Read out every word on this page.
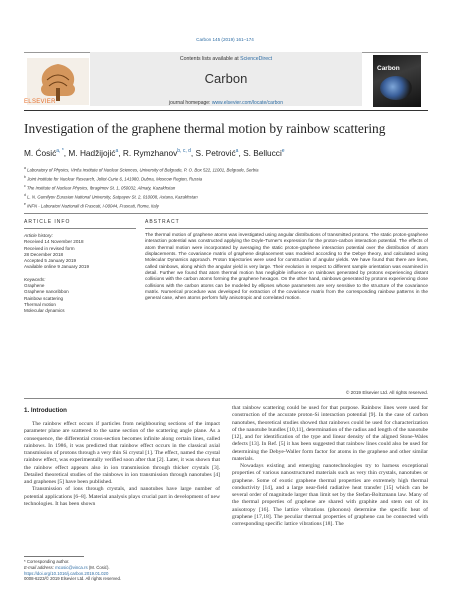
Carbon 145 (2019) 161–174
ELSEVIER
Contents lists available at ScienceDirect
Carbon
journal homepage: www.elsevier.com/locate/carbon
Carbon
Investigation of the graphene thermal motion by rainbow scattering
M. Ćosić$^{a, *}$, M. Hadžijojić$^a$, R. Rymzhanov$^{b, c, d}$, S. Petrović$^a$, S. Bellucci$^e$
$^a$ Laboratory of Physics, Vinča Institute of Nuclear Sciences, University of Belgrade, P. O. Box 522, 11001, Belgrade, Serbia
$^b$ Joint Institute for Nuclear Research, Joliot-Curie 6, 141980, Dubna, Moscow Region, Russia
$^c$ The Institute of Nuclear Physics, Ibragimov St. 1, 050032, Almaty, Kazakhstan
$^d$ L. N. Gumilyov Eurasian National University, Satpayev St. 2, 010008, Astana, Kazakhstan
$^e$ INFN - Laboratori Nazionali di Frascati, I-00044, Frascati, Rome, Italy
ARTICLE INFO	ABSTRACT
Article history:
Received 14 November 2018
Received in revised form
28 December 2018
Accepted 5 January 2019
Available online 9 January 2019
Keywords:
Graphene
Graphene nanoribbon
Rainbow scattering
Thermal motion
Molecular dynamics
The thermal motion of graphene atoms was investigated using angular distributions of transmitted protons. The static proton-graphene interaction potential was constructed applying the Doyle-Turner's expression for the proton-carbon interaction potential. The effects of atom thermal motion were incorporated by averaging the static proton-graphene interaction potential over the distribution of atom displacements. The covariance matrix of graphene displacement was modeled according to the Debye theory, and calculated using Molecular Dynamics approach. Proton trajectories were used for construction of angular yields. We have found that there are lines, called rainbows, along which the angular yield is very large. Their evolution in respect to different sample orientation was examined in detail. Further we found that atom thermal motion has negligible influence on rainbows generated by protons experiencing distant collisions with the carbon atoms forming the graphene hexagon. On the other hand, rainbows generated by protons experiencing close collisions with the carbon atoms can be modeled by ellipses whose parameters are very sensitive to the structure of the covariance matrix. Numerical procedure was developed for extraction of the covariance matrix from the corresponding rainbow patterns in the general case, when atoms perform fully anisotropic and correlated motion.
© 2019 Elsevier Ltd. All rights reserved.
1. Introduction

The rainbow effect occurs if particles from neighbouring sections of the impact parameter plane are scattered to the same section of the scattering angle plane. As a consequence, the differential cross-section becomes infinite along certain lines, called rainbows. In 1986, it was predicted that rainbow effect occurs in the classical axial transmission of protons through a very thin Si crystal [1]. The effect, named the crystal rainbow effect, was experimentally verified soon after that [2]. Later, it was shown that the rainbow effect appears also in ion transmission through thicker crystals [3]. Detailed theoretical studies of the rainbows in ion transmission through nanotubes [4] and graphenes [5] have been published.

Transmission of ions through crystals, and nanotubes have large number of potential applications [6–8]. Material analysis plays crucial part in development of new technologies. It has been shown

that rainbow scattering could be used for that purpose. Rainbow lines were used for construction of the accurate proton-Si interaction potential [9]. In the case of carbon nanotubes, theoretical studies showed that rainbows could be used for characterization of the nanotube bundles [10,11], determination of the radius and length of the nanotube [12], and for identification of the type and linear density of the aligned Stone-Wales defects [13]. In Ref. [5] it has been suggested that rainbow lines could also be used for determining the Debye-Waller form factor for atoms in the graphene and other similar materials.

Nowadays existing and emerging nanotechnologies try to harness exceptional properties of various nanostructured materials such as very thin crystals, nanotubes or graphene. Some of exotic graphene thermal properties are extremely high thermal conductivity [14], and a large near-field radiative heat transfer [15] which can be several order of magnitude larger than limit set by the Stefan-Boltzmann law. Many of the thermal properties of graphene are shared with graphite and stem out of its anisotropy [16]. The lattice vibrations (phonons) determine the specific heat of graphene [17,18]. The peculiar thermal properties of graphene can be connected with corresponding specific lattice vibrations [18]. The

* Corresponding author.
E-mail address: mcosic@vinca.rs (M. Ćosić).
https://doi.org/10.1016/j.carbon.2019.01.020
0008-6223/© 2019 Elsevier Ltd. All rights reserved.
